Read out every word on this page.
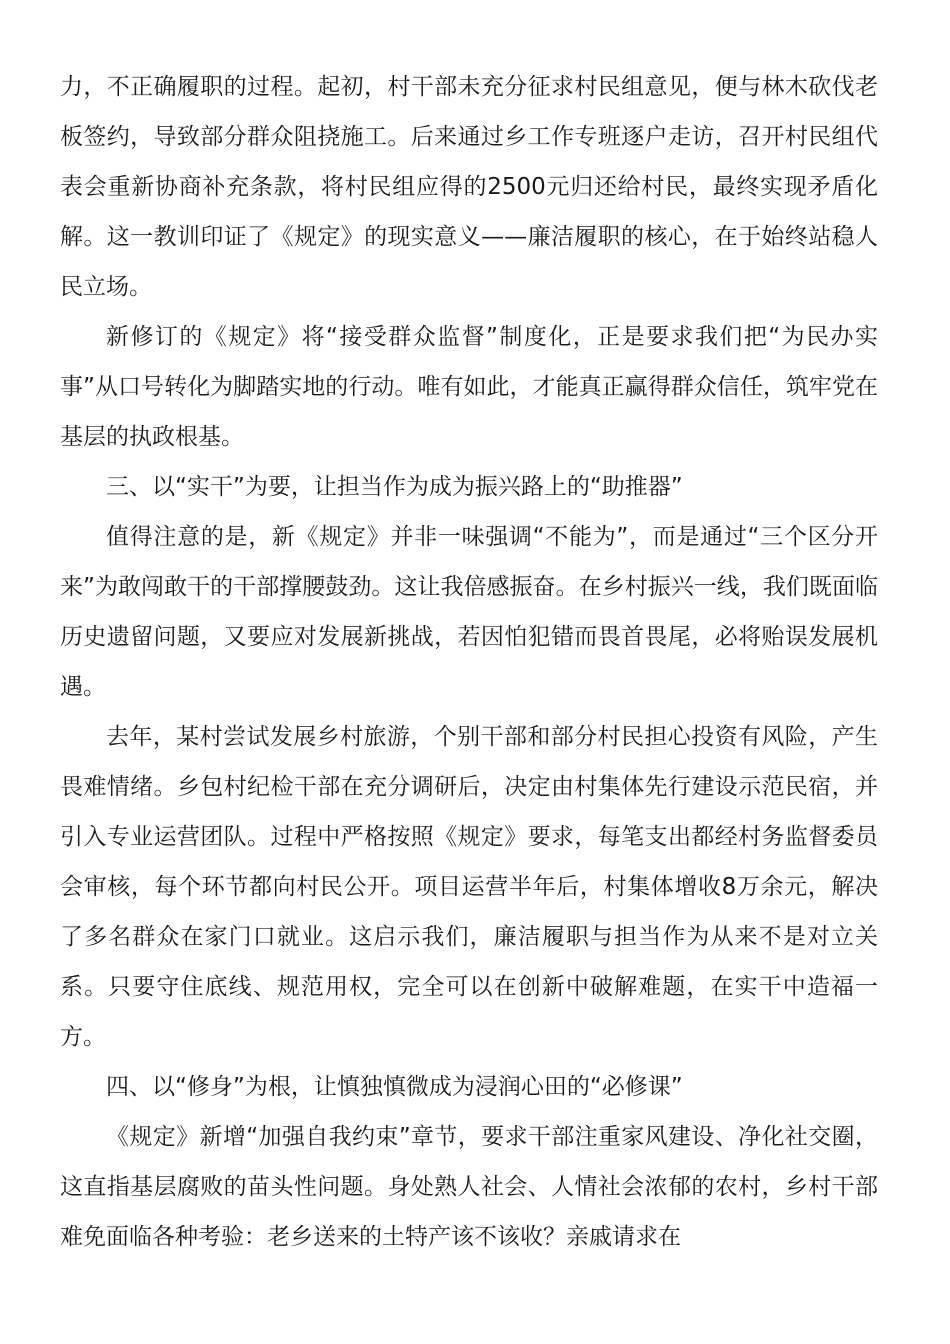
力，不正确履职的过程。起初，村干部未充分征求村民组意见，便与林木砍伐老板签约，导致部分群众阻挠施工。后来通过乡工作专班逐户走访，召开村民组代表会重新协商补充条款，将村民组应得的2500元归还给村民，最终实现矛盾化解。这一教训印证了《规定》的现实意义——廉洁履职的核心，在于始终站稳人民立场。

新修订的《规定》将“接受群众监督”制度化，正是要求我们把“为民办实事”从口号转化为脚踏实地的行动。唯有如此，才能真正赢得群众信任，筑牢党在基层的执政根基。

三、以“实干”为要，让担当作为成为振兴路上的“助推器”

值得注意的是，新《规定》并非一味强调“不能为”，而是通过“三个区分开来”为敢闯敢干的干部撑腰鼓劲。这让我倍感振奋。在乡村振兴一线，我们既面临历史遗留问题，又要应对发展新挑战，若因怕犯错而畏首畏尾，必将贻误发展机遇。

去年，某村尝试发展乡村旅游，个别干部和部分村民担心投资有风险，产生畏难情绪。乡包村纪检干部在充分调研后，决定由村集体先行建设示范民宿，并引入专业运营团队。过程中严格按照《规定》要求，每笔支出都经村务监督委员会审核，每个环节都向村民公开。项目运营半年后，村集体增收8万余元，解决了多名群众在家门口就业。这启示我们，廉洁履职与担当作为从来不是对立关系。只要守住底线、规范用权，完全可以在创新中破解难题，在实干中造福一方。

四、以“修身”为根，让慎独慎微成为浸润心田的“必修课”

《规定》新增“加强自我约束”章节，要求干部注重家风建设、净化社交圈，这直指基层腐败的苗头性问题。身处熟人社会、人情社会浓郁的农村，乡村干部难免面临各种考验：老乡送来的土特产该不该收？亲戚请求在
